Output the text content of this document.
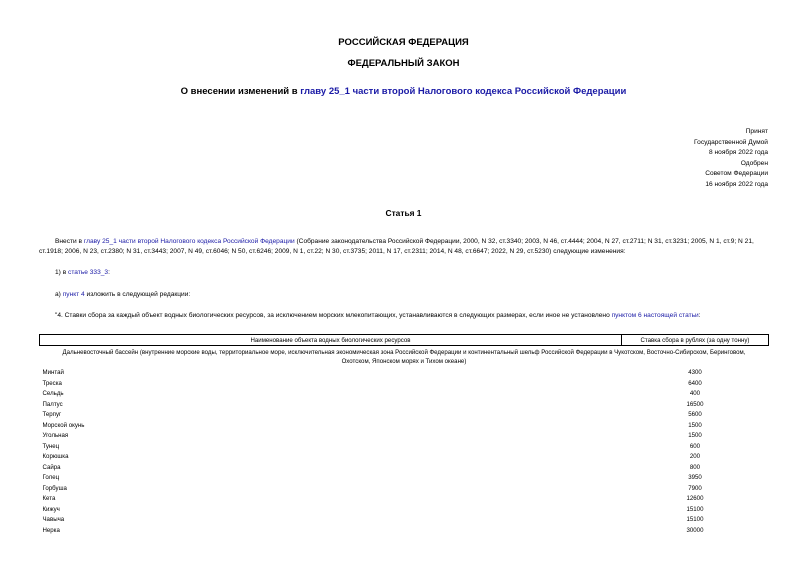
РОССИЙСКАЯ ФЕДЕРАЦИЯ
ФЕДЕРАЛЬНЫЙ ЗАКОН
О внесении изменений в главу 25_1 части второй Налогового кодекса Российской Федерации
Принят
Государственной Думой
8 ноября 2022 года
Одобрен
Советом Федерации
16 ноября 2022 года
Статья 1
Внести в главу 25_1 части второй Налогового кодекса Российской Федерации (Собрание законодательства Российской Федерации, 2000, N 32, ст.3340; 2003, N 46, ст.4444; 2004, N 27, ст.2711; N 31, ст.3231; 2005, N 1, ст.9; N 21, ст.1918; 2006, N 23, ст.2380; N 31, ст.3443; 2007, N 49, ст.6046; N 50, ст.6246; 2009, N 1, ст.22; N 30, ст.3735; 2011, N 17, ст.2311; 2014, N 48, ст.6647; 2022, N 29, ст.5230) следующие изменения:
1) в статье 333_3:
а) пункт 4 изложить в следующей редакции:
"4. Ставки сбора за каждый объект водных биологических ресурсов, за исключением морских млекопитающих, устанавливаются в следующих размерах, если иное не установлено пунктом 6 настоящей статьи:
Наименование объекта водных биологических ресурсов	Ставка сбора в рублях (за одну тонну)
Дальневосточный бассейн (внутренние морские воды, территориальное море, исключительная экономическая зона Российской Федерации и континентальный шельф Российской Федерации в Чукотском, Восточно-Сибирском, Беринговом, Охотском, Японском морях и Тихом океане)	
Минтай	4300
Треска	6400
Сельдь	400
Палтус	16500
Терпуг	5600
Морской окунь	1500
Угольная	1500
Тунец	600
Корюшка	200
Сайра	800
Голец	3950
Горбуша	7900
Кета	12600
Кижуч	15100
Чавыча	15100
Нерка	30000
